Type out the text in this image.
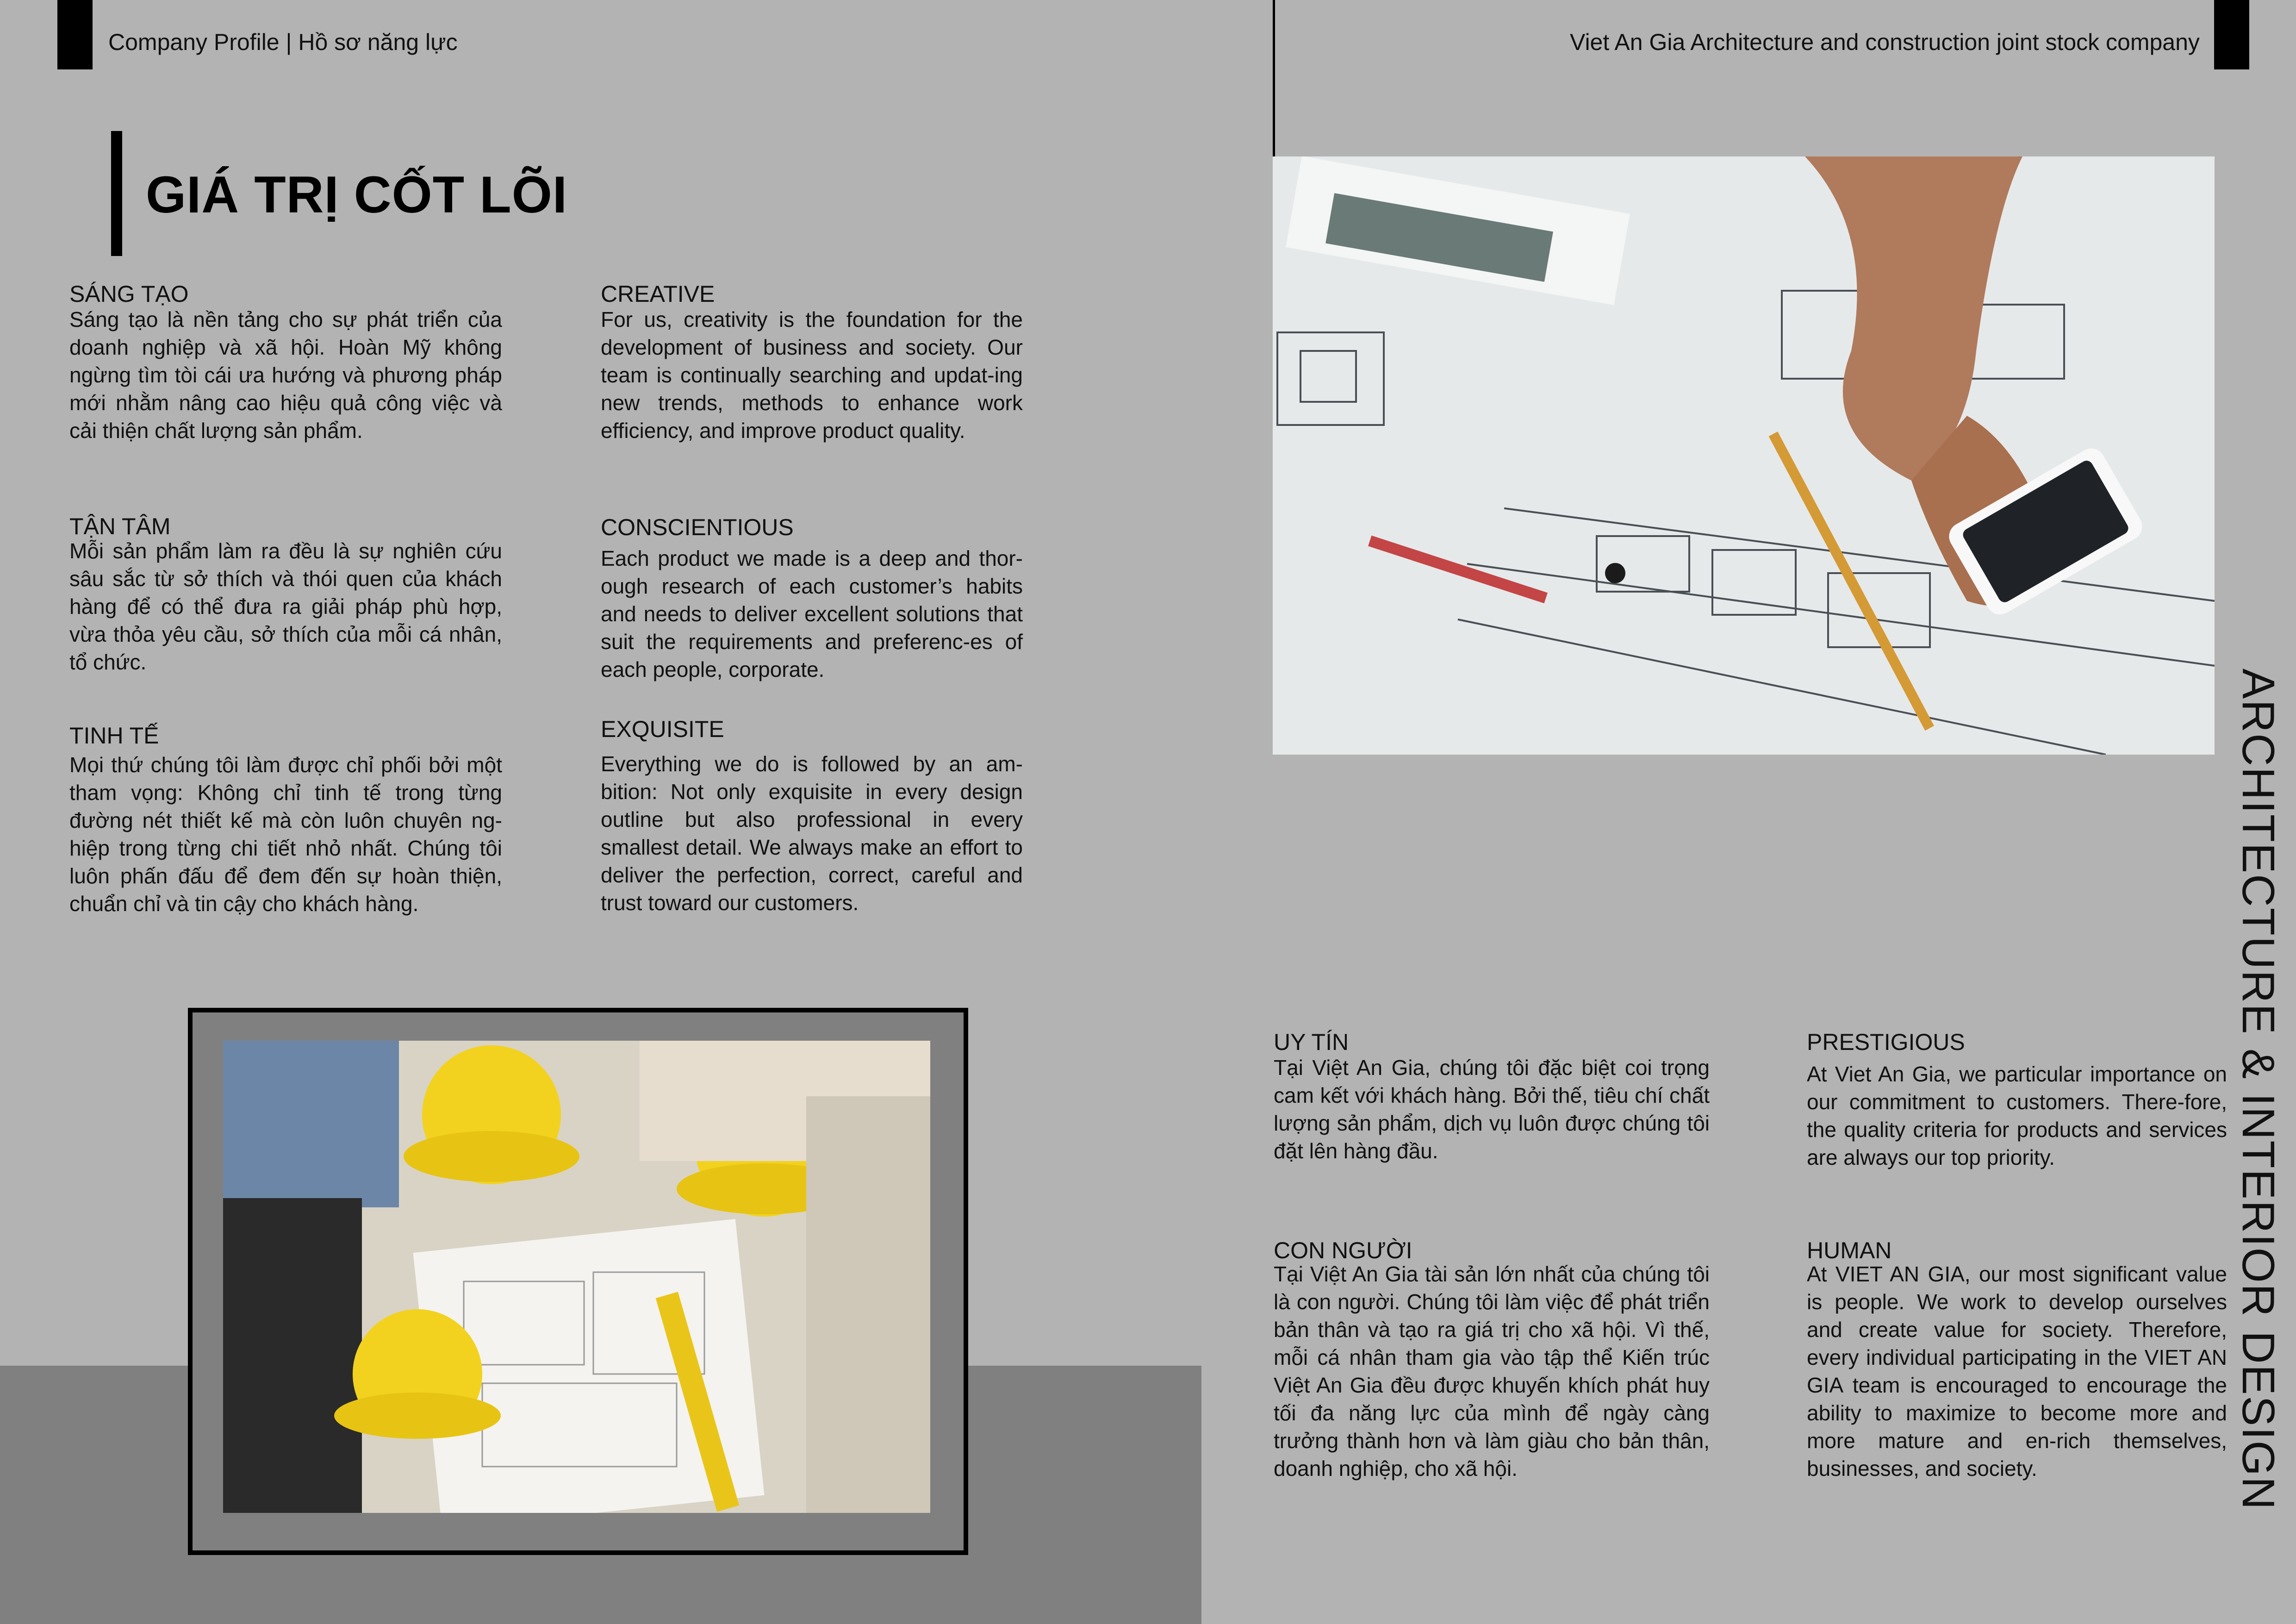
Company Profile | Hồ sơ năng lực	Viet An Gia Architecture and construction joint stock company
GIÁ TRỊ CỐT LÕI
SÁNG TẠO
Sáng tạo là nền tảng cho sự phát triển của doanh nghiệp và xã hội. Hoàn Mỹ không ngừng tìm tòi cái ưa hướng và phương pháp mới nhằm nâng cao hiệu quả công việc và cải thiện chất lượng sản phẩm.
CREATIVE
For us, creativity is the foundation for the development of business and society. Our team is continually searching and updat-ing new trends, methods to enhance work efficiency, and improve product quality.
TẬN TÂM
Mỗi sản phẩm làm ra đều là sự nghiên cứu sâu sắc từ sở thích và thói quen của khách hàng để có thể đưa ra giải pháp phù hợp, vừa thỏa yêu cầu, sở thích của mỗi cá nhân, tổ chức.
CONSCIENTIOUS
Each product we made is a deep and thor-ough research of each customer’s habits and needs to deliver excellent solutions that suit the requirements and preferenc-es of each people, corporate.
TINH TẾ
Mọi thứ chúng tôi làm được chỉ phối bởi một tham vọng: Không chỉ tinh tế trong từng đường nét thiết kế mà còn luôn chuyên ng-hiệp trong từng chi tiết nhỏ nhất. Chúng tôi luôn phấn đấu để đem đến sự hoàn thiện, chuẩn chỉ và tin cậy cho khách hàng.
EXQUISITE
Everything we do is followed by an am-bition: Not only exquisite in every design outline but also professional in every smallest detail. We always make an effort to deliver the perfection, correct, careful and trust toward our customers.
UY TÍN
Tại Việt An Gia, chúng tôi đặc biệt coi trọng cam kết với khách hàng. Bởi thế, tiêu chí chất lượng sản phẩm, dịch vụ luôn được chúng tôi đặt lên hàng đầu.
PRESTIGIOUS
At Viet An Gia, we particular importance on our commitment to customers. There-fore, the quality criteria for products and services are always our top priority.
CON NGƯỜI
Tại Việt An Gia tài sản lớn nhất của chúng tôi là con người. Chúng tôi làm việc để phát triển bản thân và tạo ra giá trị cho xã hội. Vì thế, mỗi cá nhân tham gia vào tập thể Kiến trúc Việt An Gia đều được khuyến khích phát huy tối đa năng lực của mình để ngày càng trưởng thành hơn và làm giàu cho bản thân, doanh nghiệp, cho xã hội.
HUMAN
At VIET AN GIA, our most significant value is people. We work to develop ourselves and create value for society. Therefore, every individual participating in the VIET AN GIA team is encouraged to encourage the ability to maximize to become more and more mature and en-rich themselves, businesses, and society.	ARCHITECTURE & INTERIOR DESIGN
